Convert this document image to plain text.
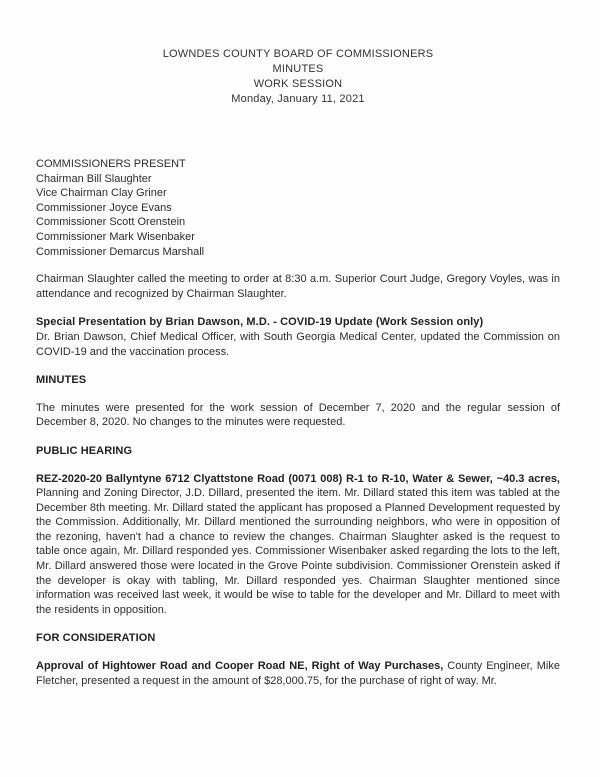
LOWNDES COUNTY BOARD OF COMMISSIONERS
MINUTES
WORK SESSION
Monday, January 11, 2021
COMMISSIONERS PRESENT
Chairman Bill Slaughter
Vice Chairman Clay Griner
Commissioner Joyce Evans
Commissioner Scott Orenstein
Commissioner Mark Wisenbaker
Commissioner Demarcus Marshall

Chairman Slaughter called the meeting to order at 8:30 a.m. Superior Court Judge, Gregory Voyles, was in attendance and recognized by Chairman Slaughter.

Special Presentation by Brian Dawson, M.D. - COVID-19 Update (Work Session only)

Dr. Brian Dawson, Chief Medical Officer, with South Georgia Medical Center, updated the Commission on COVID-19 and the vaccination process.

MINUTES

The minutes were presented for the work session of December 7, 2020 and the regular session of December 8, 2020. No changes to the minutes were requested.

PUBLIC HEARING

REZ-2020-20 Ballyntyne 6712 Clyattstone Road (0071 008) R-1 to R-10, Water & Sewer, ~40.3 acres, Planning and Zoning Director, J.D. Dillard, presented the item. Mr. Dillard stated this item was tabled at the December 8th meeting. Mr. Dillard stated the applicant has proposed a Planned Development requested by the Commission. Additionally, Mr. Dillard mentioned the surrounding neighbors, who were in opposition of the rezoning, haven't had a chance to review the changes. Chairman Slaughter asked is the request to table once again, Mr. Dillard responded yes. Commissioner Wisenbaker asked regarding the lots to the left, Mr. Dillard answered those were located in the Grove Pointe subdivision. Commissioner Orenstein asked if the developer is okay with tabling, Mr. Dillard responded yes. Chairman Slaughter mentioned since information was received last week, it would be wise to table for the developer and Mr. Dillard to meet with the residents in opposition.

FOR CONSIDERATION

Approval of Hightower Road and Cooper Road NE, Right of Way Purchases, County Engineer, Mike Fletcher, presented a request in the amount of $28,000.75, for the purchase of right of way. Mr.
